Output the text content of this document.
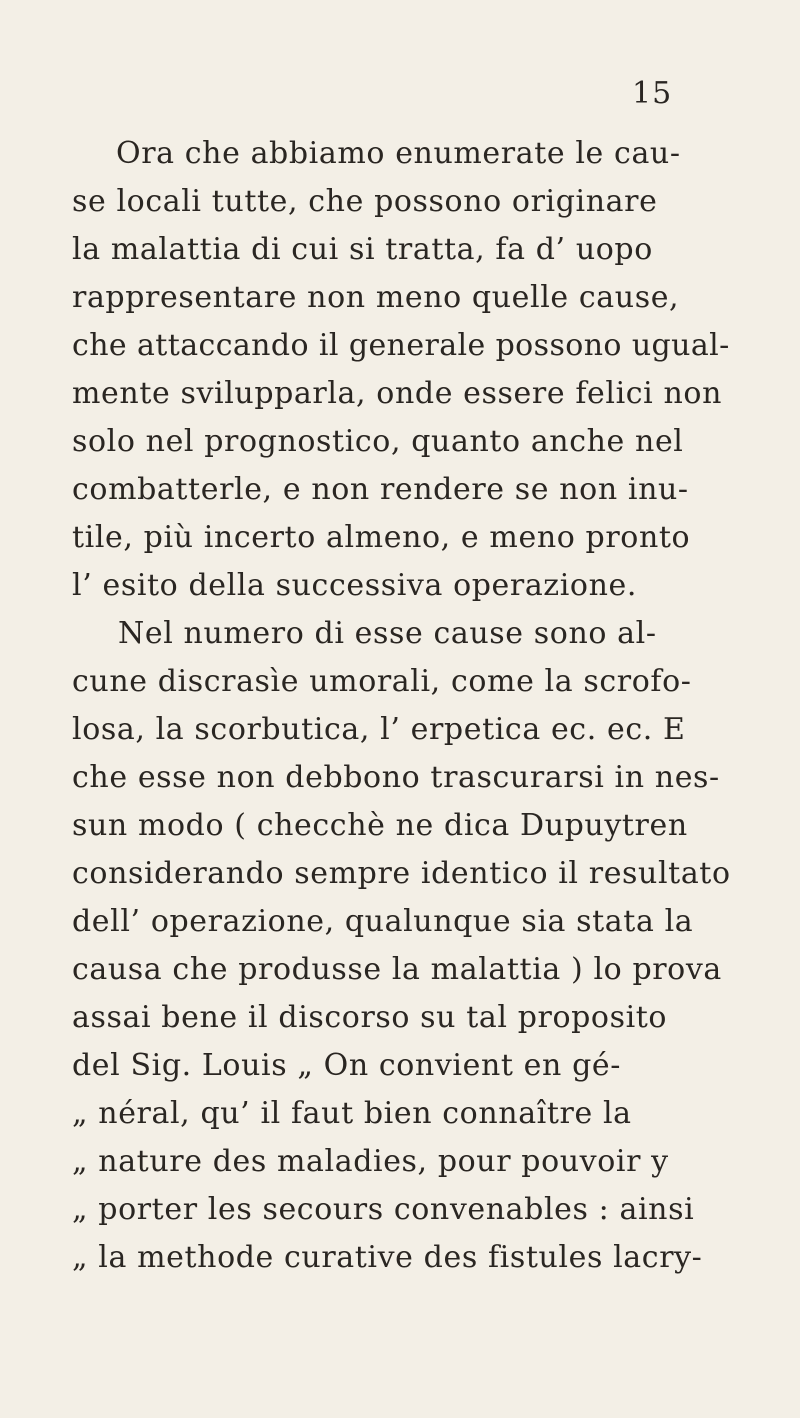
15
Ora che abbiamo enumerate le cau-
se locali tutte, che possono originare
la malattia di cui si tratta, fa d’ uopo
rappresentare non meno quelle cause,
che attaccando il generale possono ugual-
mente svilupparla, onde essere felici non
solo nel prognostico, quanto anche nel
combatterle, e non rendere se non inu-
tile, più incerto almeno, e meno pronto
l’ esito della successiva operazione.
Nel numero di esse cause sono al-
cune discrasìe umorali, come la scrofo-
losa, la scorbutica, l’ erpetica ec. ec. E
che esse non debbono trascurarsi in nes-
sun modo ( checchè ne dica Dupuytren
considerando sempre identico il resultato
dell’ operazione, qualunque sia stata la
causa che produsse la malattia ) lo prova
assai bene il discorso su tal proposito
del Sig. Louis „ On convient en gé-
„ néral, qu’ il faut bien connaître la
„ nature des maladies, pour pouvoir y
„ porter les secours convenables : ainsi
„ la methode curative des fistules lacry-
